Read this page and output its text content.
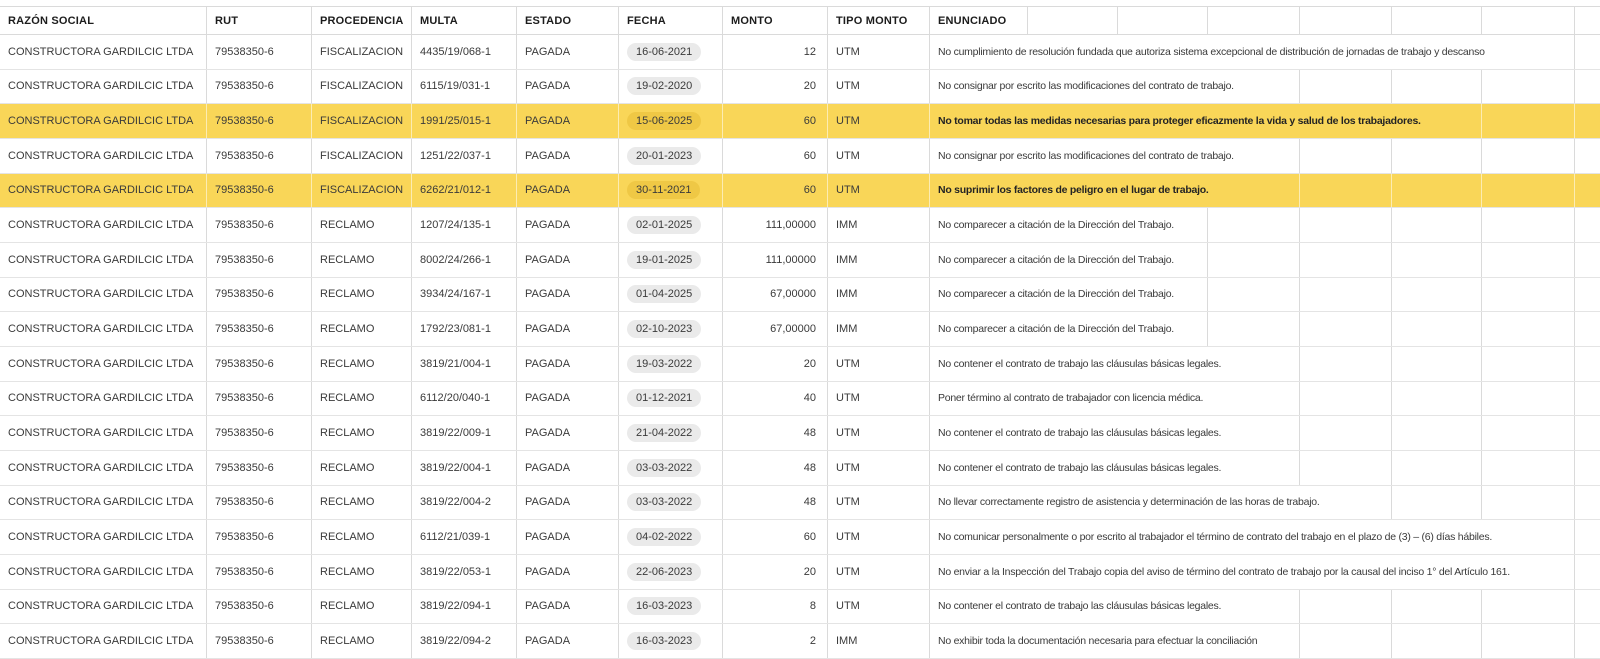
RAZÓN SOCIAL	RUT	PROCEDENCIA	MULTA	ESTADO	FECHA	MONTO	TIPO MONTO	ENUNCIADO
CONSTRUCTORA GARDILCIC LTDA	79538350-6	FISCALIZACION	4435/19/068-1	PAGADA	16-06-2021	12	UTM	No cumplimiento de resolución fundada que autoriza sistema excepcional de distribución de jornadas de trabajo y descanso
CONSTRUCTORA GARDILCIC LTDA	79538350-6	FISCALIZACION	6115/19/031-1	PAGADA	19-02-2020	20	UTM	No consignar por escrito las modificaciones del contrato de trabajo.
CONSTRUCTORA GARDILCIC LTDA	79538350-6	FISCALIZACION	1991/25/015-1	PAGADA	15-06-2025	60	UTM	No tomar todas las medidas necesarias para proteger eficazmente la vida y salud de los trabajadores.
CONSTRUCTORA GARDILCIC LTDA	79538350-6	FISCALIZACION	1251/22/037-1	PAGADA	20-01-2023	60	UTM	No consignar por escrito las modificaciones del contrato de trabajo.
CONSTRUCTORA GARDILCIC LTDA	79538350-6	FISCALIZACION	6262/21/012-1	PAGADA	30-11-2021	60	UTM	No suprimir los factores de peligro en el lugar de trabajo.
CONSTRUCTORA GARDILCIC LTDA	79538350-6	RECLAMO	1207/24/135-1	PAGADA	02-01-2025	111,00000	IMM	No comparecer a citación de la Dirección del Trabajo.
CONSTRUCTORA GARDILCIC LTDA	79538350-6	RECLAMO	8002/24/266-1	PAGADA	19-01-2025	111,00000	IMM	No comparecer a citación de la Dirección del Trabajo.
CONSTRUCTORA GARDILCIC LTDA	79538350-6	RECLAMO	3934/24/167-1	PAGADA	01-04-2025	67,00000	IMM	No comparecer a citación de la Dirección del Trabajo.
CONSTRUCTORA GARDILCIC LTDA	79538350-6	RECLAMO	1792/23/081-1	PAGADA	02-10-2023	67,00000	IMM	No comparecer a citación de la Dirección del Trabajo.
CONSTRUCTORA GARDILCIC LTDA	79538350-6	RECLAMO	3819/21/004-1	PAGADA	19-03-2022	20	UTM	No contener el contrato de trabajo las cláusulas básicas legales.
CONSTRUCTORA GARDILCIC LTDA	79538350-6	RECLAMO	6112/20/040-1	PAGADA	01-12-2021	40	UTM	Poner término al contrato de trabajador con licencia médica.
CONSTRUCTORA GARDILCIC LTDA	79538350-6	RECLAMO	3819/22/009-1	PAGADA	21-04-2022	48	UTM	No contener el contrato de trabajo las cláusulas básicas legales.
CONSTRUCTORA GARDILCIC LTDA	79538350-6	RECLAMO	3819/22/004-1	PAGADA	03-03-2022	48	UTM	No contener el contrato de trabajo las cláusulas básicas legales.
CONSTRUCTORA GARDILCIC LTDA	79538350-6	RECLAMO	3819/22/004-2	PAGADA	03-03-2022	48	UTM	No llevar correctamente registro de asistencia y determinación de las horas de trabajo.
CONSTRUCTORA GARDILCIC LTDA	79538350-6	RECLAMO	6112/21/039-1	PAGADA	04-02-2022	60	UTM	No comunicar personalmente o por escrito al trabajador el término de contrato del trabajo en el plazo de (3) – (6) días hábiles.
CONSTRUCTORA GARDILCIC LTDA	79538350-6	RECLAMO	3819/22/053-1	PAGADA	22-06-2023	20	UTM	No enviar a la Inspección del Trabajo copia del aviso de término del contrato de trabajo por la causal del inciso 1° del Artículo 161.
CONSTRUCTORA GARDILCIC LTDA	79538350-6	RECLAMO	3819/22/094-1	PAGADA	16-03-2023	8	UTM	No contener el contrato de trabajo las cláusulas básicas legales.
CONSTRUCTORA GARDILCIC LTDA	79538350-6	RECLAMO	3819/22/094-2	PAGADA	16-03-2023	2	IMM	No exhibir toda la documentación necesaria para efectuar la conciliación
